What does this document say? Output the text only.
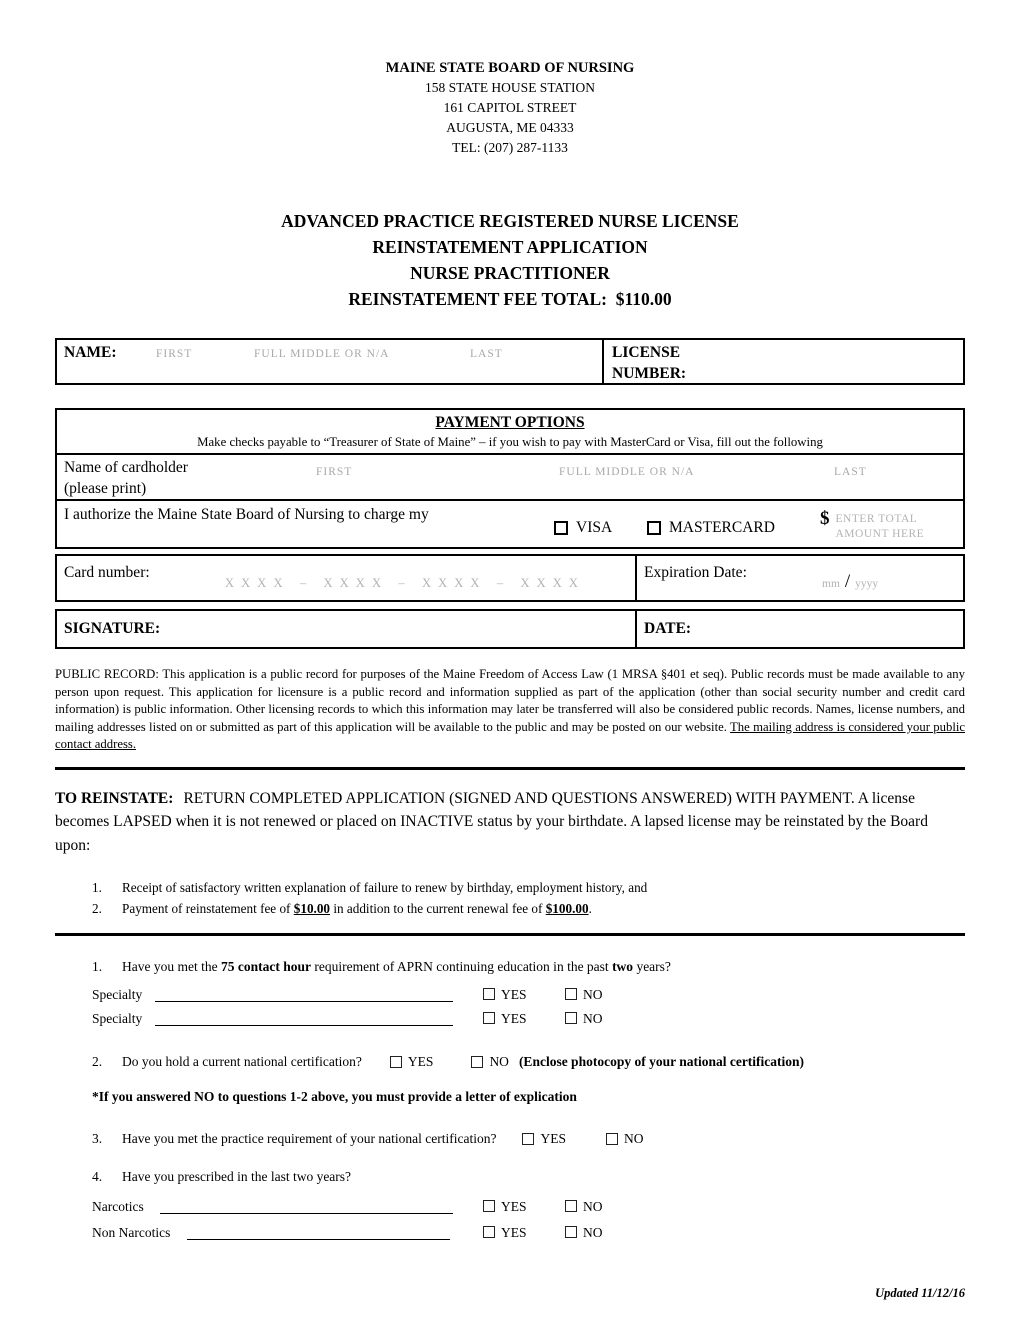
MAINE STATE BOARD OF NURSING
158 STATE HOUSE STATION
161 CAPITOL STREET
AUGUSTA, ME 04333
TEL: (207) 287-1133
ADVANCED PRACTICE REGISTERED NURSE LICENSE
REINSTATEMENT APPLICATION
NURSE PRACTITIONER
REINSTATEMENT FEE TOTAL:  $110.00
NAME:	FIRST	FULL MIDDLE OR N/A	LAST	LICENSE
NUMBER:
PAYMENT OPTIONS
Make checks payable to “Treasurer of State of Maine” – if you wish to pay with MasterCard or Visa, fill out the following
Name of cardholder
(please print)
FIRST	FULL MIDDLE OR N/A	LAST
I authorize the Maine State Board of Nursing to charge my
VISA	MASTERCARD $ ENTER TOTAL
AMOUNT HERE
Card number:
X X X X   –   X X X X   –   X X X X   –   X X X X
Expiration Date:
mm / yyyy
SIGNATURE:	DATE:

PUBLIC RECORD: This application is a public record for purposes of the Maine Freedom of Access Law (1 MRSA §401 et seq). Public records must be made available to any person upon request. This application for licensure is a public record and information supplied as part of the application (other than social security number and credit card information) is public information. Other licensing records to which this information may later be transferred will also be considered public records. Names, license numbers, and mailing addresses listed on or submitted as part of this application will be available to the public and may be posted on our website. The mailing address is considered your public contact address.

TO REINSTATE: RETURN COMPLETED APPLICATION (SIGNED AND QUESTIONS ANSWERED) WITH PAYMENT. A license becomes LAPSED when it is not renewed or placed on INACTIVE status by your birthdate. A lapsed license may be reinstated by the Board upon:
1.	Receipt of satisfactory written explanation of failure to renew by birthday, employment history, and
2.	Payment of reinstatement fee of $10.00 in addition to the current renewal fee of $100.00.
1.	Have you met the 75 contact hour requirement of APRN continuing education in the past two years?
Specialty	YES	NO
Specialty	YES	NO
2.	Do you hold a current national certification?	YES	NO (Enclose photocopy of your national certification)
*If you answered NO to questions 1-2 above, you must provide a letter of explication
3.	Have you met the practice requirement of your national certification?	YES	NO
4.	Have you prescribed in the last two years?
Narcotics	YES	NO
Non Narcotics	YES	NO
Updated 11/12/16
